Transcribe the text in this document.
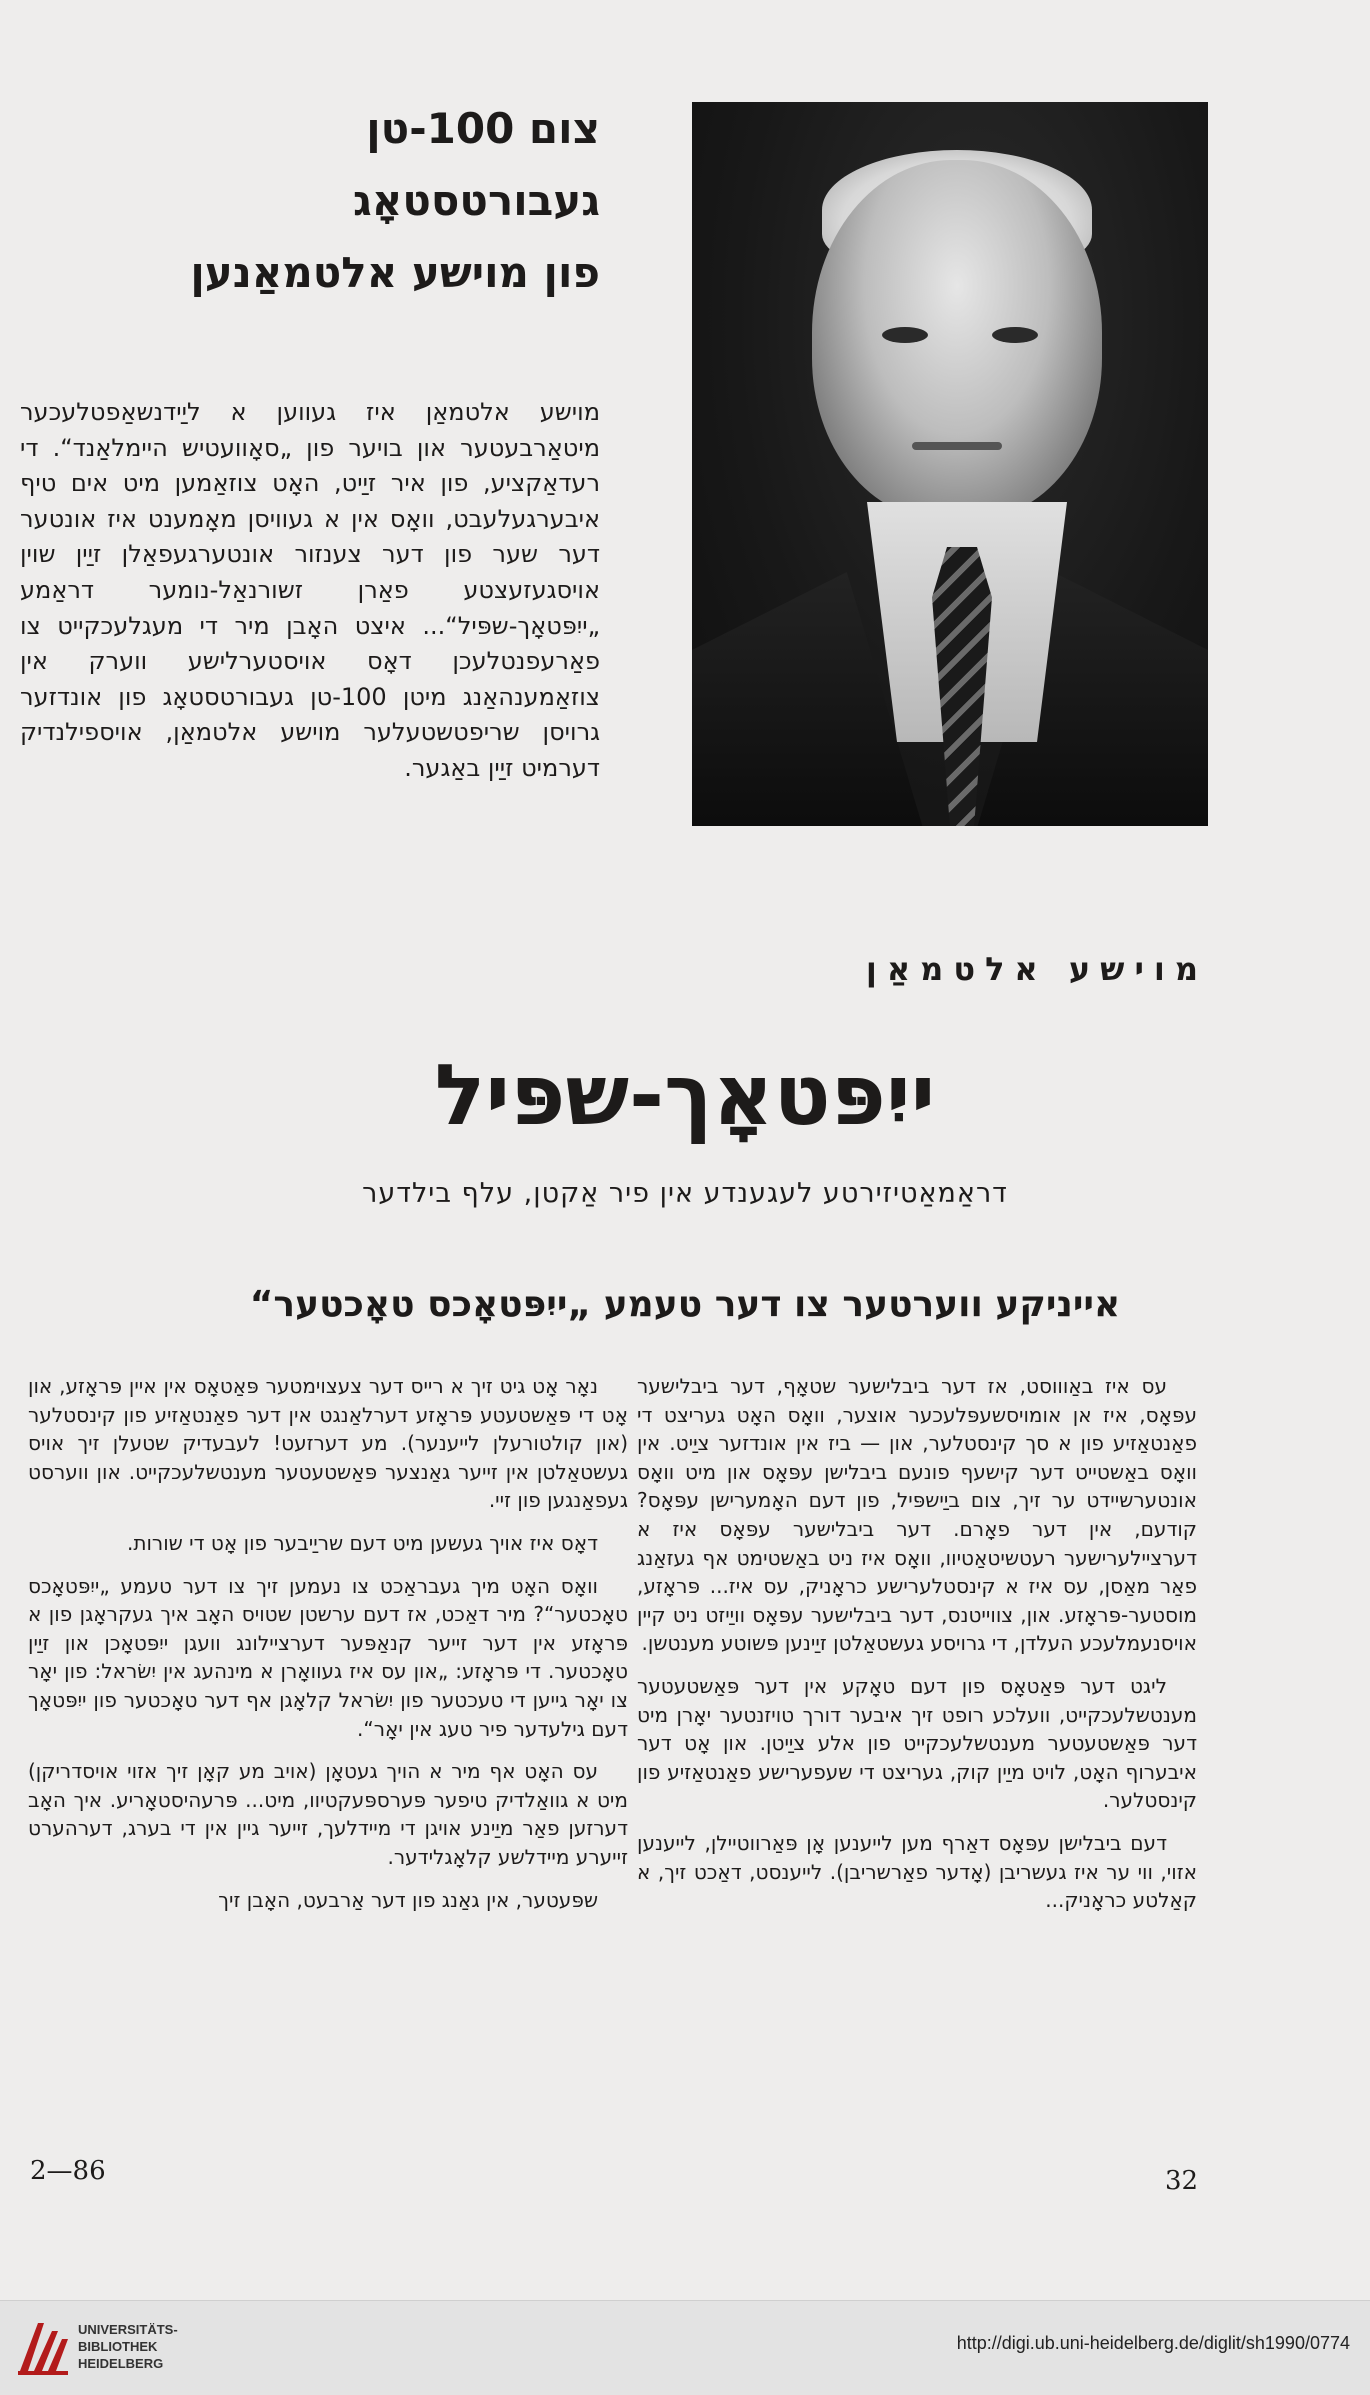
צום 100-טן
געבורטסטאָג
פון מוישע אלטמאַנען
מוישע אלטמאַן איז געווען א ליַידנשאַפטלעכער מיטאַרבעטער און בויער פון „סאָוועטיש היימלאַנד“. די רעדאַקציע, פון איר זיַיט, האָט צוזאַמען מיט אים טיף איבערגעלעבט, וואָס אין א געוויסן מאָמענט איז אונטער דער שער פון דער צענזור אונטערגעפאַלן זיַין שוין אויסגעזעצטע פאַרן זשורנאַל-נומער דראַמע „ייִפּטאָך-שפּיל“... איצט האָבן מיר די מעגלעכקייט צו פאַרעפנטלעכן דאָס אויסטערלישע ווערק אין צוזאַמענהאַנג מיטן 100-טן געבורטסטאָג פון אונדזער גרויסן שריפטשטעלער מוישע אלטמאַן, אויספילנדיק דערמיט זיַין באַגער.
מוישע אלטמאַן
ייִפּטאָך-שפּיל
דראַמאַטיזירטע לעגענדע אין פיר אַקטן, עלף בילדער
אייניקע ווערטער צו דער טעמע „ייִפּטאָכס טאָכטער“

עס איז באַוווסט, אז דער ביבלישער שטאָף, דער ביבלישער עפּאָס, איז אן אומויסשעפּלעכער אוצער, וואָס האָט געריצט די פאַנטאַזיע פון א סך קינסטלער, און — ביז אין אונדזער ציַיט. אין וואָס באַשטייט דער קישעף פונעם ביבלישן עפּאָס און מיט וואָס אונטערשיידט ער זיך, צום ביַישפּיל, פון דעם האָמערישן עפּאָס? קודעם, אין דער פאָרם. דער ביבלישער עפּאָס איז א דערציילערישער רעטשיטאַטיוו, וואָס איז ניט באַשטימט אף געזאַנג פאַר מאַסן, עס איז א קינסטלערישע כראָניק, עס איז... פּראָזע, מוסטער-פּראָזע. און, צווייטנס, דער ביבלישער עפּאָס וויַיזט ניט קיין אויסנעמלעכע העלדן, די גרויסע געשטאַלטן זיַינען פּשוטע מענטשן.

ליגט דער פּאַטאָס פון דעם טאָקע אין דער פּאַשטעטער מענטשלעכקייט, וועלכע רופט זיך איבער דורך טויזנטער יאָרן מיט דער פּאַשטעטער מענטשלעכקייט פון אלע ציַיטן. און אָט דער איבערוף האָט, לויט מיַין קוק, געריצט די שעפערישע פאַנטאַזיע פון קינסטלער.

דעם ביבלישן עפּאָס דאַרף מען לייענען אָן פּאַרווטיילן, לייענען אזוי, ווי ער איז געשריבן (אָדער פאַרשריבן). לייענסט, דאַכט זיך, א קאַלטע כראָניק...

נאָר אָט גיט זיך א רייס דער צעצוימטער פּאַטאָס אין איין פּראָזע, און אָט די פּאַשטעטע פּראָזע דערלאַנגט אין דער פאַנטאַזיע פון קינסטלער (און קולטורעלן לייענער). מע דערזעט! לעבעדיק שטעלן זיך אויס געשטאַלטן אין זייער גאַנצער פּאַשטעטער מענטשלעכקייט. און ווערסט געפאַנגען פון זיי.

דאָס איז אויך געשען מיט דעם שריַיבער פון אָט די שורות.

וואָס האָט מיך געבראַכט צו נעמען זיך צו דער טעמע „ייִפּטאָכס טאָכטער“? מיר דאַכט, אז דעם ערשטן שטויס האָב איך געקראָגן פון א פּראָזע אין דער זייער קנאַפּער דערציילונג וועגן ייִפּטאָכן און זיַין טאָכטער. די פּראָזע: „און עס איז געוואָרן א מינהעג אין יִשׂראל: פון יאָר צו יאָר גייען די טעכטער פון יִשׂראל קלאָגן אף דער טאָכטער פון ייִפּטאָך דעם גילעדער פיר טעג אין יאָר“.

עס האָט אף מיר א הויך געטאָן (אויב מע קאָן זיך אזוי אויסדריקן) מיט א גוואַלדיק טיפער פּערספּעקטיוו, מיט... פּרעהיסטאָריע. איך האָב דערזען פאַר מיַינע אויגן די מיידלעך, זייער גיין אין די בערג, דערהערט זייערע מיידלשע קלאָגלידער.

שפּעטער, אין גאַנג פון דער אַרבעט, האָבן זיך

2—86	32
UNIVERSITÄTS-
BIBLIOTHEK
HEIDELBERG
http://digi.ub.uni-heidelberg.de/diglit/sh1990/0774
